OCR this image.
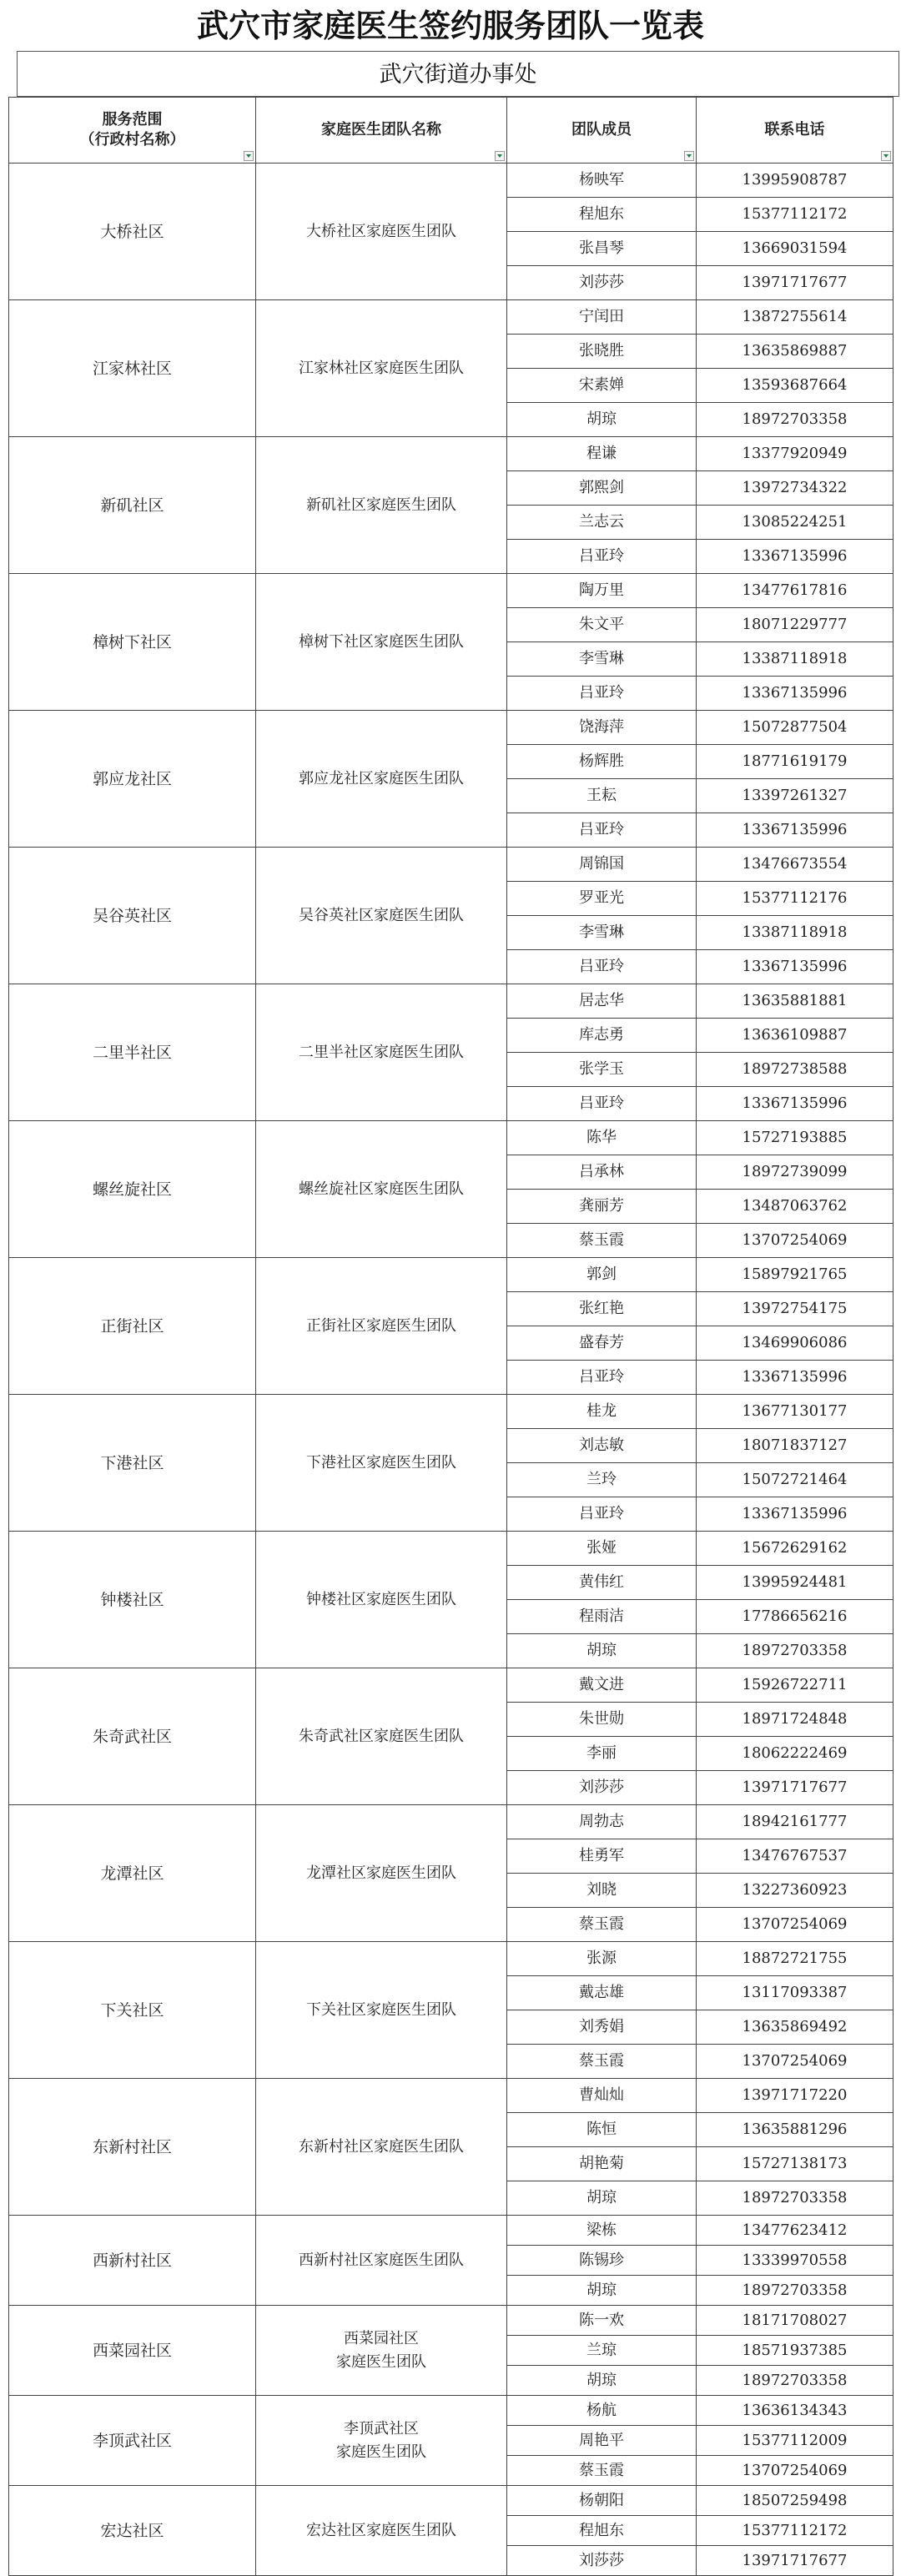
武穴市家庭医生签约服务团队一览表
武穴街道办事处
服务范围
（行政村名称）	家庭医生团队名称	团队成员	联系电话

大桥社区	大桥社区家庭医生团队	杨映军	13995908787
		程旭东	15377112172
		张昌琴	13669031594
		刘莎莎	13971717677
江家林社区	江家林社区家庭医生团队	宁闰田	13872755614
		张晓胜	13635869887
		宋素婵	13593687664
		胡琼	18972703358
新矶社区	新矶社区家庭医生团队	程谦	13377920949
		郭熙剑	13972734322
		兰志云	13085224251
		吕亚玲	13367135996
樟树下社区	樟树下社区家庭医生团队	陶万里	13477617816
		朱文平	18071229777
		李雪琳	13387118918
		吕亚玲	13367135996
郭应龙社区	郭应龙社区家庭医生团队	饶海萍	15072877504
		杨辉胜	18771619179
		王耘	13397261327
		吕亚玲	13367135996
吴谷英社区	吴谷英社区家庭医生团队	周锦国	13476673554
		罗亚光	15377112176
		李雪琳	13387118918
		吕亚玲	13367135996
二里半社区	二里半社区家庭医生团队	居志华	13635881881
		库志勇	13636109887
		张学玉	18972738588
		吕亚玲	13367135996
螺丝旋社区	螺丝旋社区家庭医生团队	陈华	15727193885
		吕承林	18972739099
		龚丽芳	13487063762
		蔡玉霞	13707254069
正街社区	正街社区家庭医生团队	郭剑	15897921765
		张红艳	13972754175
		盛春芳	13469906086
		吕亚玲	13367135996
下港社区	下港社区家庭医生团队	桂龙	13677130177
		刘志敏	18071837127
		兰玲	15072721464
		吕亚玲	13367135996
钟楼社区	钟楼社区家庭医生团队	张娅	15672629162
		黄伟红	13995924481
		程雨洁	17786656216
		胡琼	18972703358
朱奇武社区	朱奇武社区家庭医生团队	戴文进	15926722711
		朱世勋	18971724848
		李丽	18062222469
		刘莎莎	13971717677
龙潭社区	龙潭社区家庭医生团队	周勃志	18942161777
		桂勇军	13476767537
		刘晓	13227360923
		蔡玉霞	13707254069
下关社区	下关社区家庭医生团队	张源	18872721755
		戴志雄	13117093387
		刘秀娟	13635869492
		蔡玉霞	13707254069
东新村社区	东新村社区家庭医生团队	曹灿灿	13971717220
		陈恒	13635881296
		胡艳菊	15727138173
		胡琼	18972703358
西新村社区	西新村社区家庭医生团队	梁栋	13477623412
		陈锡珍	13339970558
		胡琼	18972703358
西菜园社区	西菜园社区
家庭医生团队	陈一欢	18171708027
		兰琼	18571937385
		胡琼	18972703358
李顶武社区	李顶武社区
家庭医生团队	杨航	13636134343
		周艳平	15377112009
		蔡玉霞	13707254069
宏达社区	宏达社区家庭医生团队	杨朝阳	18507259498
		程旭东	15377112172
		刘莎莎	13971717677
